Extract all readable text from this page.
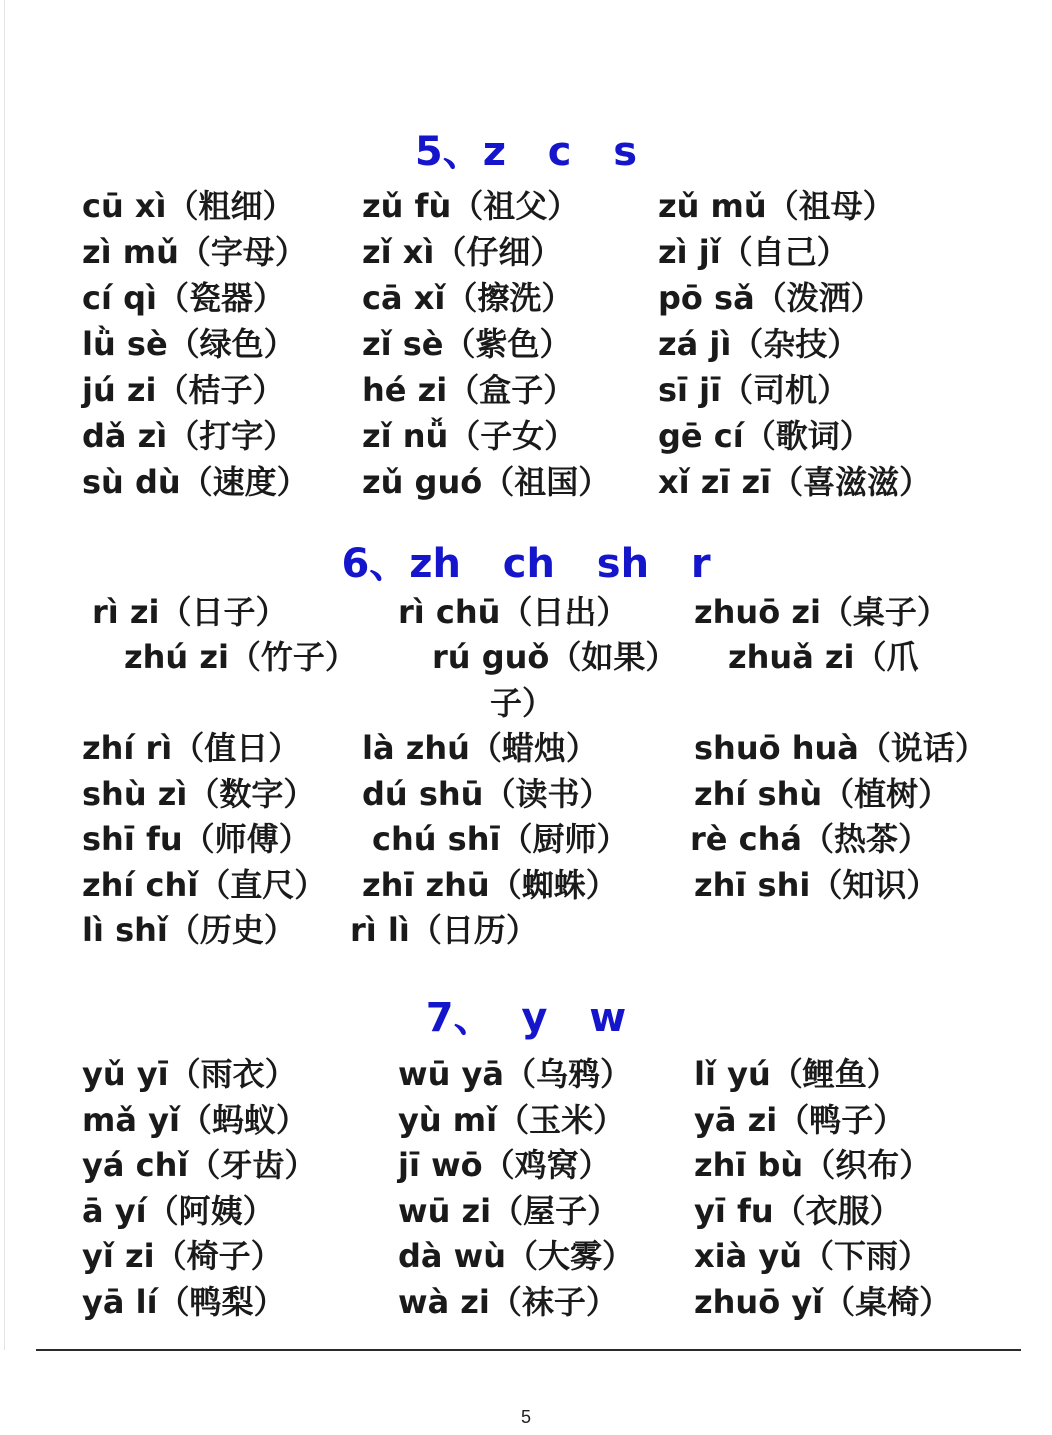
5、z   c   s
cū xì（粗细） zǔ fù（祖父） zǔ mǔ（祖母）
zì mǔ（字母） zǐ xì（仔细）	zì jǐ（自己）
cí qì（瓷器） cā xǐ（擦洗）	pō sǎ（泼洒）
lǜ sè（绿色） zǐ sè（紫色）	zá jì（杂技）
jú zi（桔子） hé zi（盒子）	sī jī（司机）
dǎ zì（打字） zǐ nǚ（子女）	gē cí（歌词）
sù dù（速度） zǔ guó（祖国） xǐ zī zī（喜滋滋）
6、zh   ch   sh   r
rì zi（日子）	rì chū（日出） zhuō zi（桌子）
zhú zi（竹子） rú guǒ（如果） zhuǎ zi（爪
子）
zhí rì（值日） là zhú（蜡烛）	shuō huà（说话）
shù zì（数字） dú shū（读书）	zhí shù（植树）
shī fu（师傅） chú shī（厨师） rè chá（热茶）
zhí chǐ（直尺） zhī zhū（蜘蛛） zhī shi（知识）
lì shǐ（历史） rì lì（日历）
7、  y   w
yǔ yī（雨衣）	wū yā（乌鸦） lǐ yú（鲤鱼）
mǎ yǐ（蚂蚁）	yù mǐ（玉米） yā zi（鸭子）
yá chǐ（牙齿）	jī wō（鸡窝）	zhī bù（织布）
ā yí（阿姨）	wū zi（屋子） yī fu（衣服）
yǐ zi（椅子）	dà wù（大雾） xià yǔ（下雨）
yā lí（鸭梨）	wà zi（袜子） zhuō yǐ（桌椅）
5
